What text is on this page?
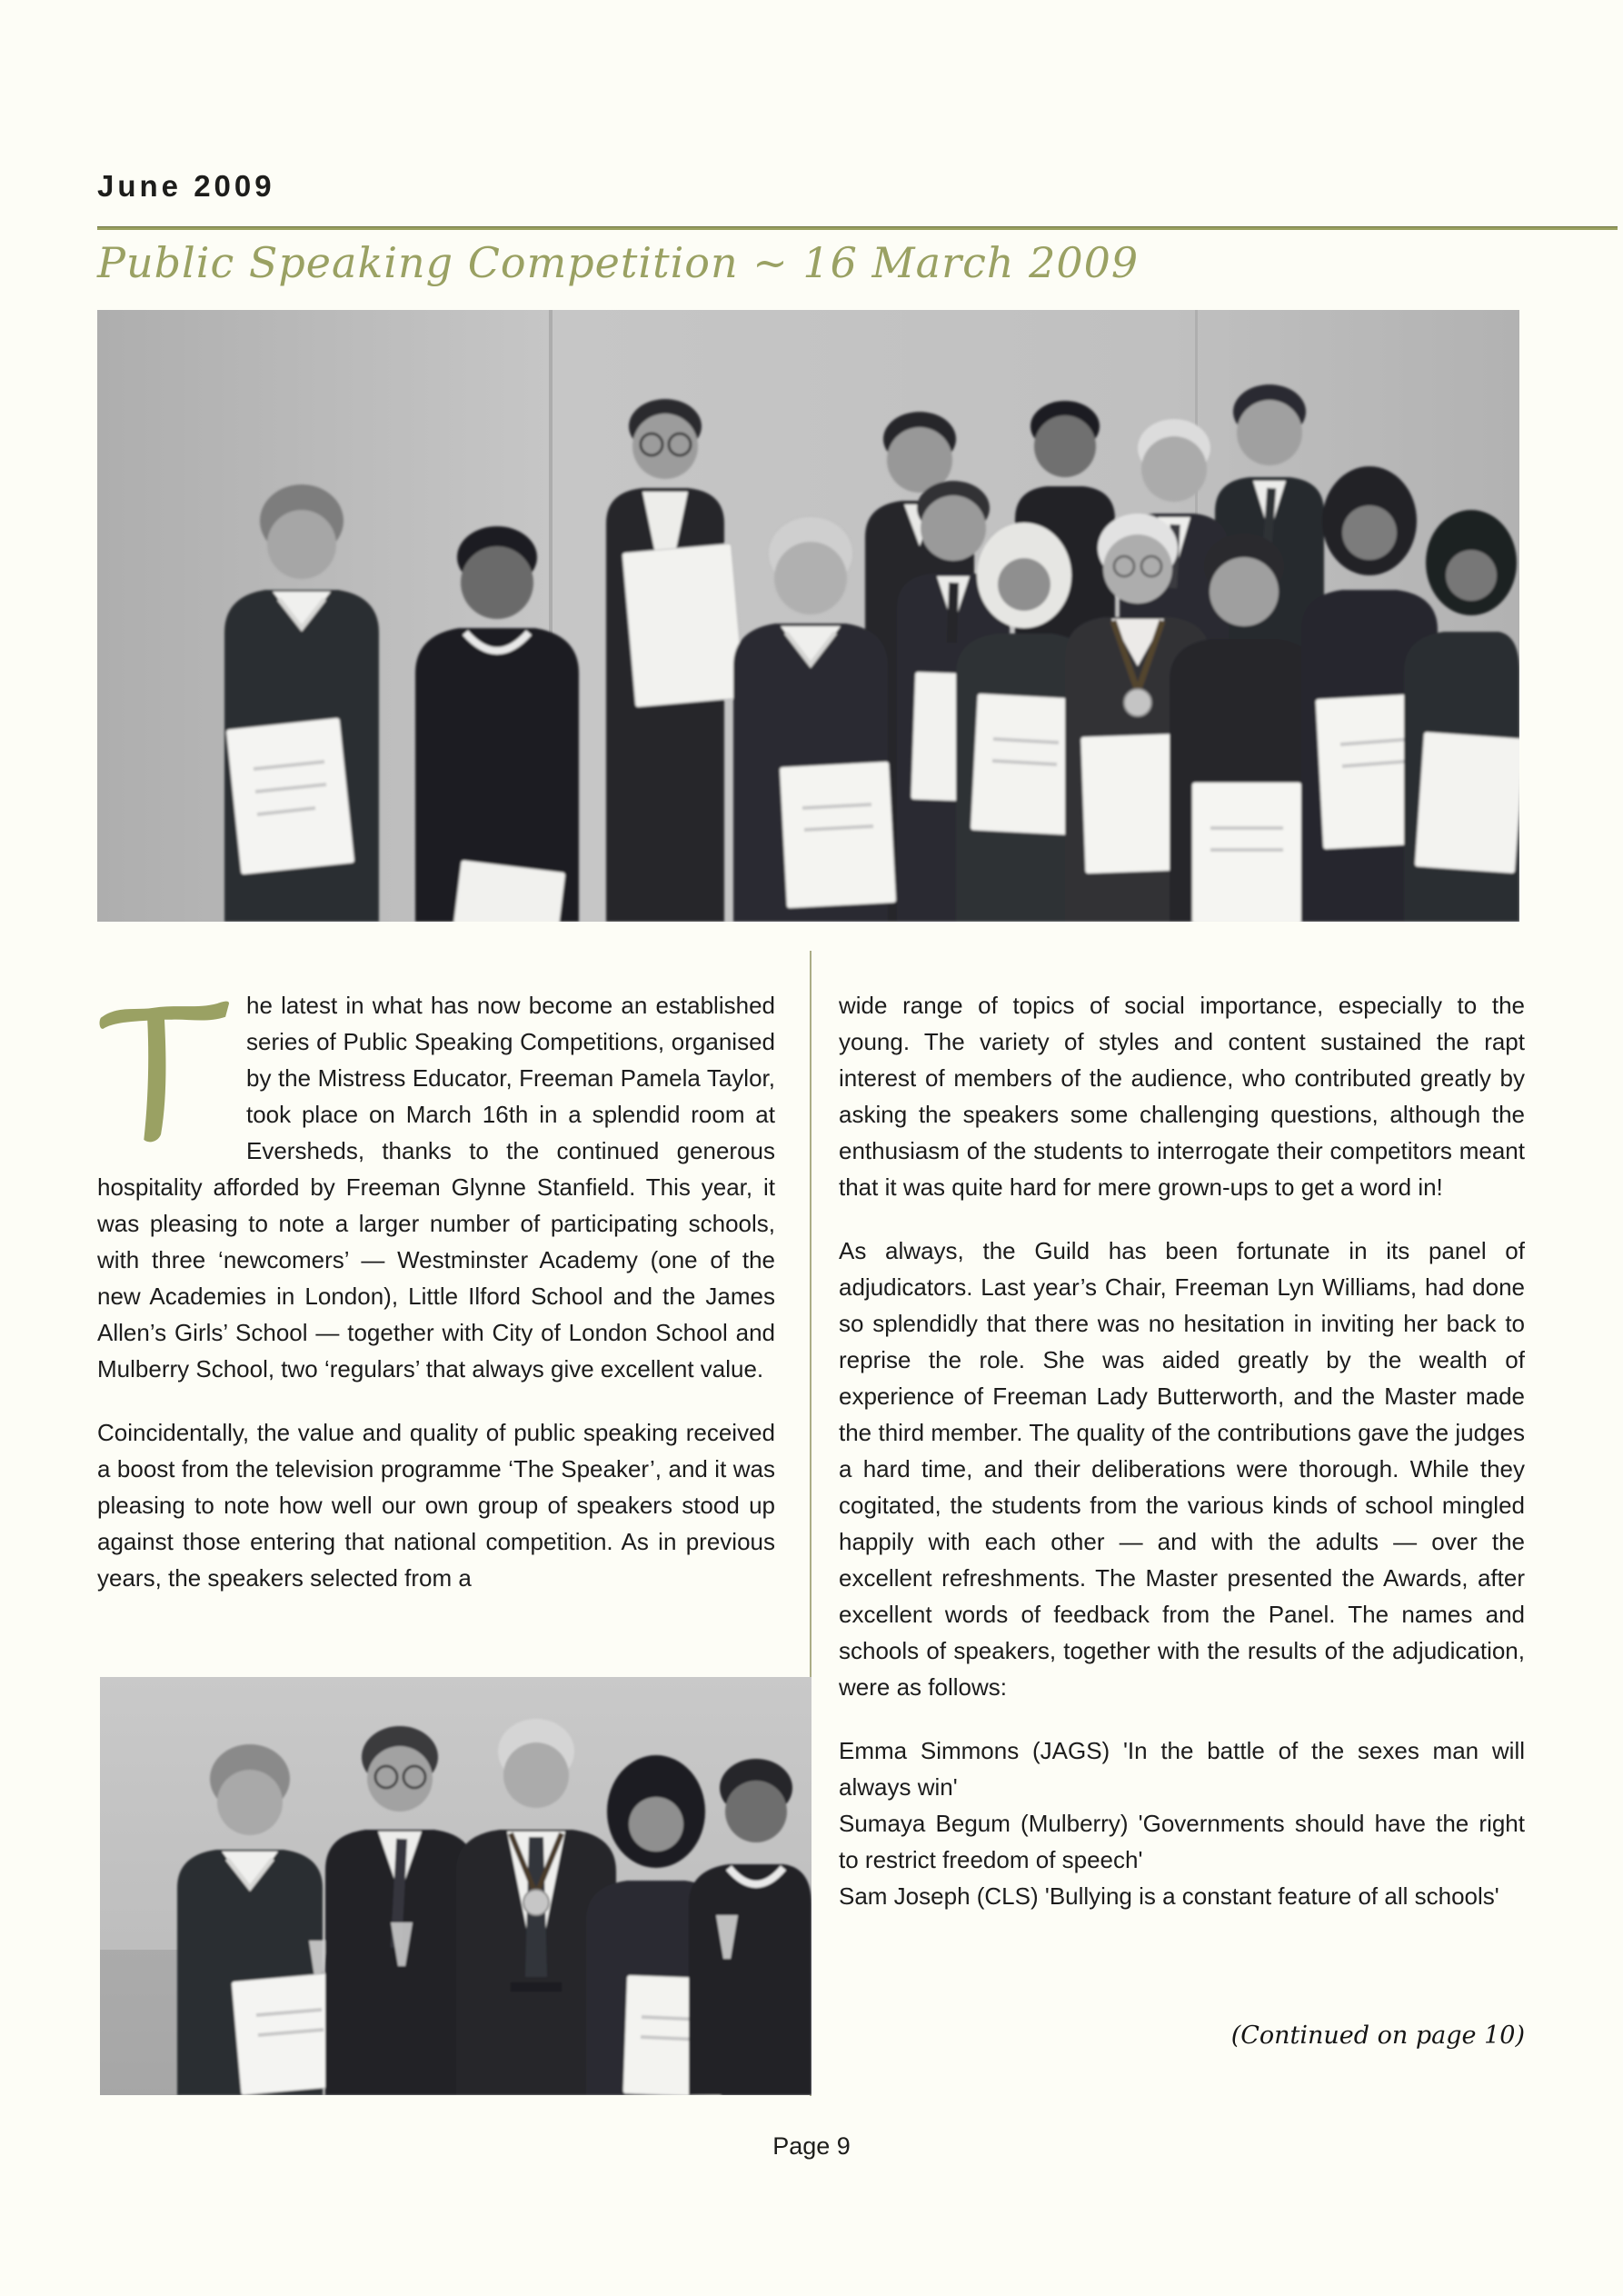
June 2009
Public Speaking Competition ~ 16 March 2009

he latest in what has now become an established series of Public Speaking Competitions, organised by the Mistress Educator, Freeman Pamela Taylor, took place on March 16th in a splendid room at Eversheds, thanks to the continued generous hospitality afforded by Freeman Glynne Stanfield. This year, it was pleasing to note a larger number of participating schools, with three ‘newcomers’ — Westminster Academy (one of the new Academies in London), Little Ilford School and the James Allen’s Girls’ School — together with City of London School and Mulberry School, two ‘regulars’ that always give excellent value.

Coincidentally, the value and quality of public speaking received a boost from the television programme ‘The Speaker’, and it was pleasing to note how well our own group of speakers stood up against those entering that national competition. As in previous years, the speakers selected from a

wide range of topics of social importance, especially to the young. The variety of styles and content sustained the rapt interest of members of the audience, who contributed greatly by asking the speakers some challenging questions, although the enthusiasm of the students to interrogate their competitors meant that it was quite hard for mere grown-ups to get a word in!

As always, the Guild has been fortunate in its panel of adjudicators. Last year’s Chair, Freeman Lyn Williams, had done so splendidly that there was no hesitation in inviting her back to reprise the role. She was aided greatly by the wealth of experience of Freeman Lady Butterworth, and the Master made the third member. The quality of the contributions gave the judges a hard time, and their deliberations were thorough. While they cogitated, the students from the various kinds of school mingled happily with each other — and with the adults — over the excellent refreshments. The Master presented the Awards, after excellent words of feedback from the Panel. The names and schools of speakers, together with the results of the adjudication, were as follows:

Emma Simmons (JAGS) 'In the battle of the sexes man will always win'

Sumaya Begum (Mulberry) 'Governments should have the right to restrict freedom of speech'

Sam Joseph (CLS) 'Bullying is a constant feature of all schools'

(Continued on page 10)
Page 9
